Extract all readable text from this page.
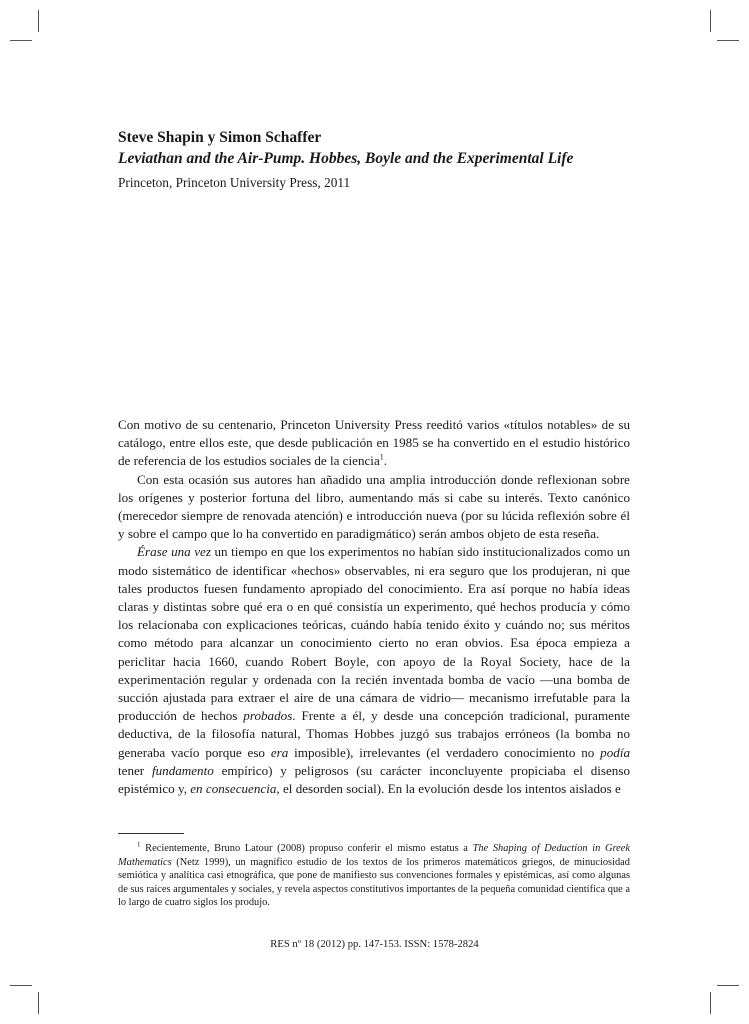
Steve Shapin y Simon Schaffer
Leviathan and the Air-Pump. Hobbes, Boyle and the Experimental Life
Princeton, Princeton University Press, 2011

Con motivo de su centenario, Princeton University Press reeditó varios «títulos notables» de su catálogo, entre ellos este, que desde publicación en 1985 se ha convertido en el estudio histórico de referencia de los estudios sociales de la ciencia$^1$.

Con esta ocasión sus autores han añadido una amplia introducción donde reflexionan sobre los orígenes y posterior fortuna del libro, aumentando más si cabe su interés. Texto canónico (merecedor siempre de renovada atención) e introducción nueva (por su lúcida reflexión sobre él y sobre el campo que lo ha convertido en paradigmático) serán ambos objeto de esta reseña.

Érase una vez un tiempo en que los experimentos no habían sido institucionalizados como un modo sistemático de identificar «hechos» observables, ni era seguro que los produjeran, ni que tales productos fuesen fundamento apropiado del conocimiento. Era así porque no había ideas claras y distintas sobre qué era o en qué consistía un experimento, qué hechos producía y cómo los relacionaba con explicaciones teóricas, cuándo había tenido éxito y cuándo no; sus méritos como método para alcanzar un conocimiento cierto no eran obvios. Esa época empieza a periclitar hacia 1660, cuando Robert Boyle, con apoyo de la Royal Society, hace de la experimentación regular y ordenada con la recién inventada bomba de vacío —una bomba de succión ajustada para extraer el aire de una cámara de vidrio— mecanismo irrefutable para la producción de hechos probados. Frente a él, y desde una concepción tradicional, puramente deductiva, de la filosofía natural, Thomas Hobbes juzgó sus trabajos erróneos (la bomba no generaba vacío porque eso era imposible), irrelevantes (el verdadero conocimiento no podía tener fundamento empírico) y peligrosos (su carácter inconcluyente propiciaba el disenso epistémico y, en consecuencia, el desorden social). En la evolución desde los intentos aislados e

$^1$ Recientemente, Bruno Latour (2008) propuso conferir el mismo estatus a The Shaping of Deduction in Greek Mathematics (Netz 1999), un magnífico estudio de los textos de los primeros matemáticos griegos, de minuciosidad semiótica y analítica casi etnográfica, que pone de manifiesto sus convenciones formales y epistémicas, así como algunas de sus raíces argumentales y sociales, y revela aspectos constitutivos importantes de la pequeña comunidad científica que a lo largo de cuatro siglos los produjo.
RES nº 18 (2012) pp. 147-153. ISSN: 1578-2824
